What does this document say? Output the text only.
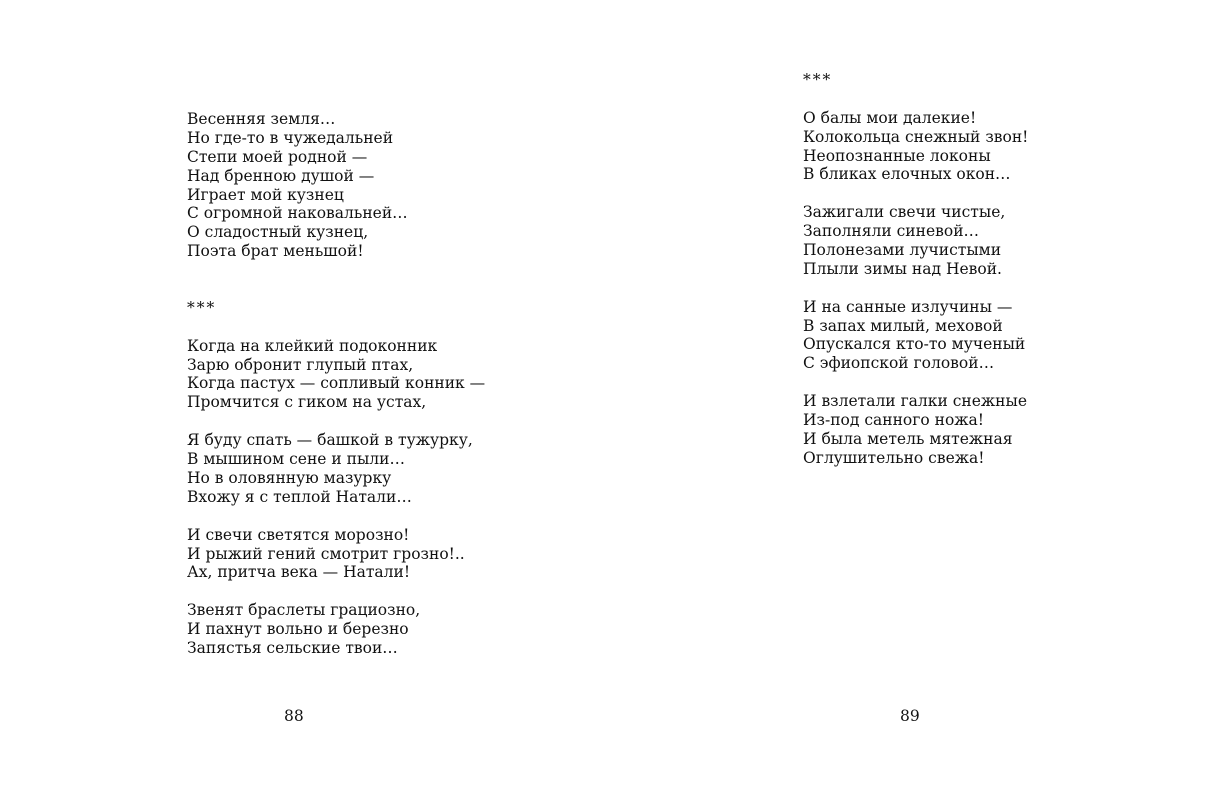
Весенняя земля…
Но где-то в чужедальней
Степи моей родной —
Над бренною душой —
Играет мой кузнец
С огромной наковальней…
О сладостный кузнец,
Поэта брат меньшой!
***
Когда на клейкий подоконник
Зарю обронит глупый птах,
Когда пастух — сопливый конник —
Промчится с гиком на устах,
Я буду спать — башкой в тужурку,
В мышином сене и пыли…
Но в оловянную мазурку
Вхожу я с теплой Натали…
И свечи светятся морозно!
И рыжий гений смотрит грозно!..
Ах, притча века — Натали!
Звенят браслеты грациозно,
И пахнут вольно и березно
Запястья сельские твои…
88
***
О балы мои далекие!
Колокольца снежный звон!
Неопознанные локоны
В бликах елочных окон…
Зажигали свечи чистые,
Заполняли синевой…
Полонезами лучистыми
Плыли зимы над Невой.
И на санные излучины —
В запах милый, меховой
Опускался кто-то мученый
С эфиопской головой…
И взлетали галки снежные
Из-под санного ножа!
И была метель мятежная
Оглушительно свежа!
89
